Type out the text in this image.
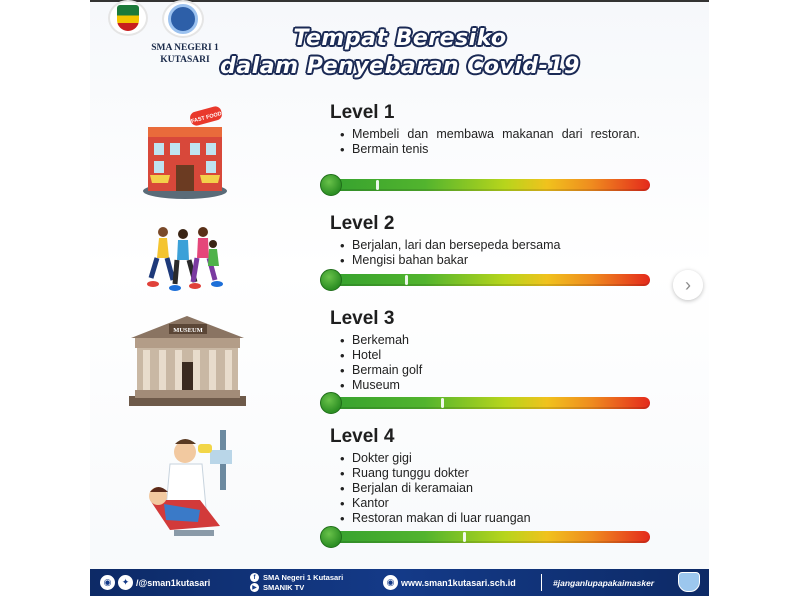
SMA NEGERI 1
KUTASARI
Tempat Beresiko
dalam Penyebaran Covid-19
FAST FOOD
MUSEUM
Level 1
• Membeli dan membawa makanan dari restoran.
• Bermain tenis
Level 2
• Berjalan, lari dan bersepeda bersama
• Mengisi bahan bakar
Level 3
• Berkemah
• Hotel
• Bermain golf
• Museum
Level 4
• Dokter gigi
• Ruang tunggu dokter
• Berjalan di keramaian
• Kantor
• Restoran makan di luar ruangan
›
◉	✦ /@sman1kutasari	f	SMA Negeri 1 Kutasari
▶ SMANIK TV	◉ www.sman1kutasari.sch.id	#janganlupapakaimasker
